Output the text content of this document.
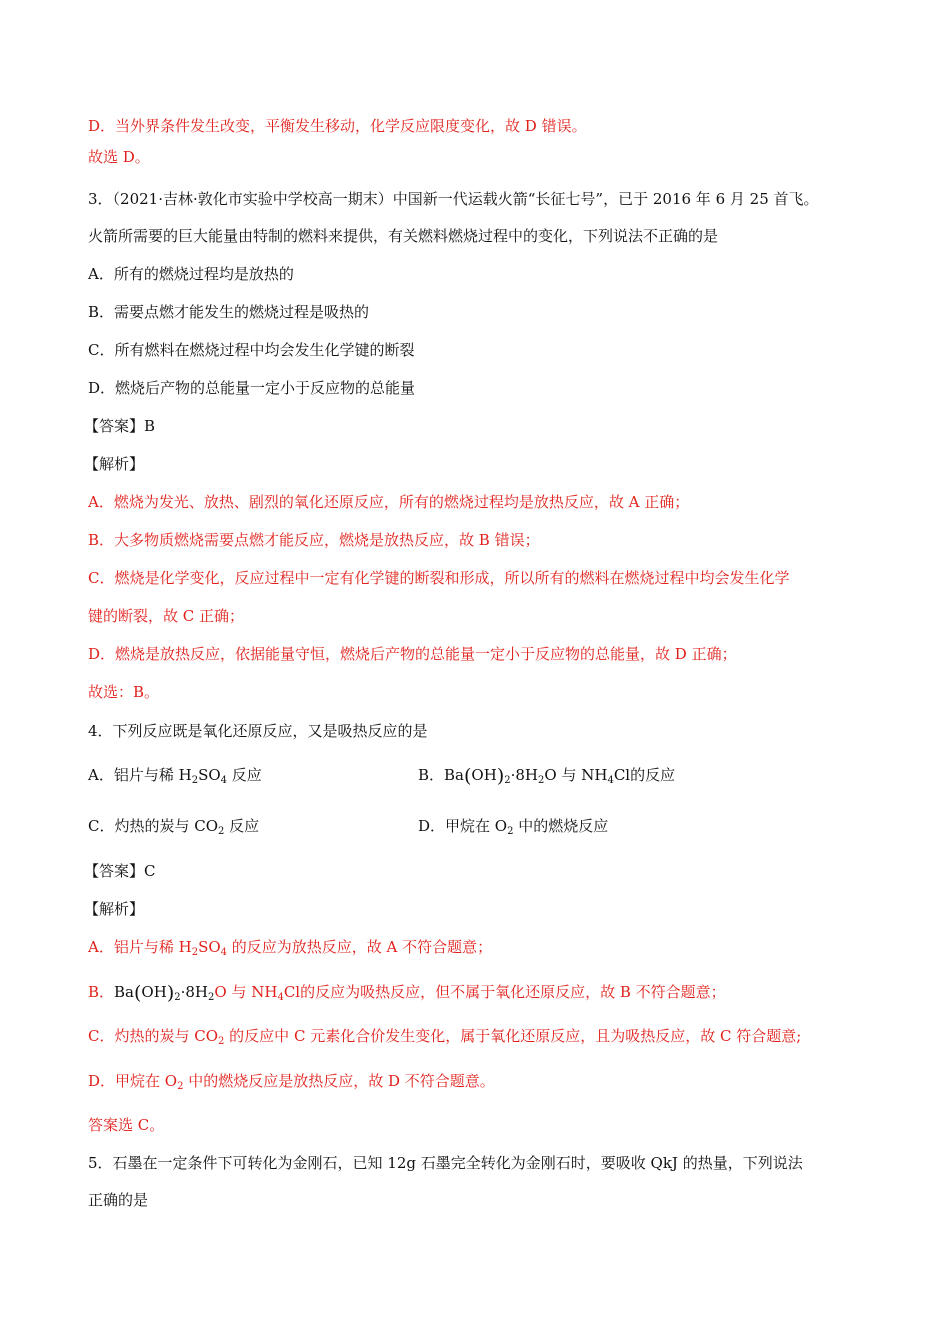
D．当外界条件发生改变，平衡发生移动，化学反应限度变化，故 D 错误。
故选 D。
3．（2021·吉林·敦化市实验中学校高一期末）中国新一代运载火箭“长征七号”，已于 2016 年 6 月 25 首飞。
火箭所需要的巨大能量由特制的燃料来提供，有关燃料燃烧过程中的变化，下列说法不正确的是
A．所有的燃烧过程均是放热的
B．需要点燃才能发生的燃烧过程是吸热的
C．所有燃料在燃烧过程中均会发生化学键的断裂
D．燃烧后产物的总能量一定小于反应物的总能量
【答案】B
【解析】
A．燃烧为发光、放热、剧烈的氧化还原反应，所有的燃烧过程均是放热反应，故 A 正确；
B．大多物质燃烧需要点燃才能反应，燃烧是放热反应，故 B 错误；
C．燃烧是化学变化，反应过程中一定有化学键的断裂和形成，所以所有的燃料在燃烧过程中均会发生化学
键的断裂，故 C 正确；
D．燃烧是放热反应，依据能量守恒，燃烧后产物的总能量一定小于反应物的总能量，故 D 正确；
故选：B。
4．下列反应既是氧化还原反应，又是吸热反应的是
A．铝片与稀 $H_2SO_4$ 反应	B．$Ba(OH)_2\cdot 8H_2O$ 与 $NH_4Cl$的反应
C．灼热的炭与 $CO_2$ 反应	D．甲烷在 $O_2$ 中的燃烧反应
【答案】C
【解析】
A．铝片与稀 $H_2SO_4$ 的反应为放热反应，故 A 不符合题意；
B．$Ba(OH)_2\cdot 8H_2O$ 与 $NH_4Cl$的反应为吸热反应，但不属于氧化还原反应，故 B 不符合题意；
C．灼热的炭与 $CO_2$ 的反应中 C 元素化合价发生变化，属于氧化还原反应，且为吸热反应，故 C 符合题意;
D．甲烷在 $O_2$ 中的燃烧反应是放热反应，故 D 不符合题意。
答案选 C。
5．石墨在一定条件下可转化为金刚石，已知 12g 石墨完全转化为金刚石时，要吸收 QkJ 的热量，下列说法
正确的是
